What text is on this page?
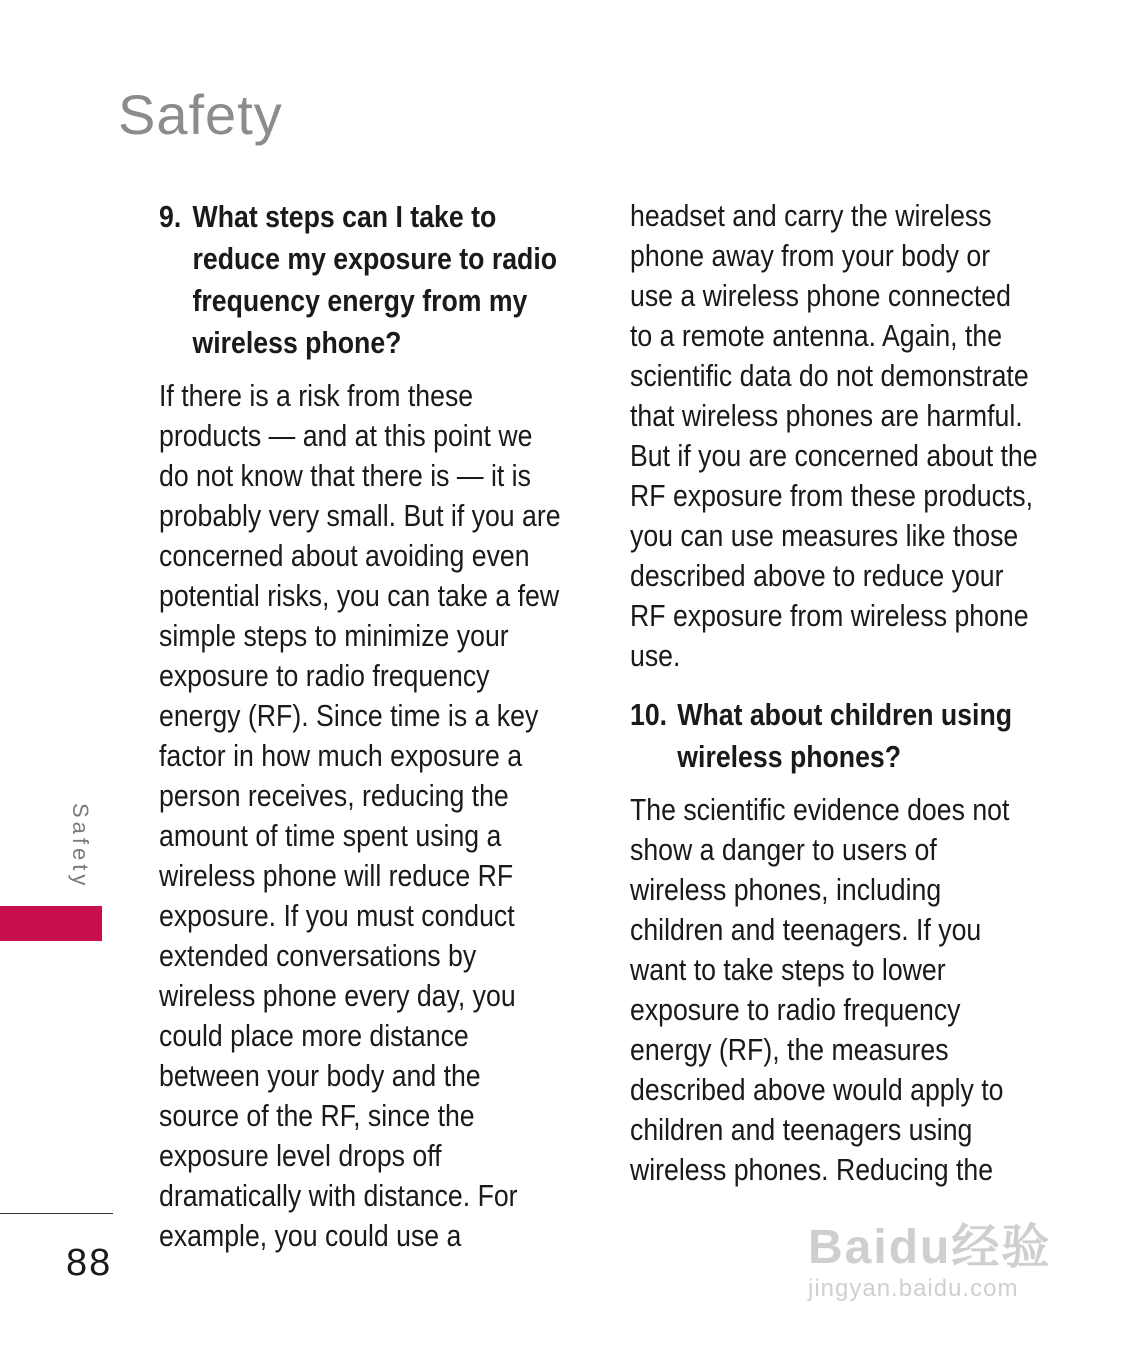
Safety
Safety
88
9. What steps can I take to reduce my exposure to radio frequency energy from my wireless phone?

If there is a risk from these products — and at this point we do not know that there is — it is probably very small. But if you are concerned about avoiding even potential risks, you can take a few simple steps to minimize your exposure to radio frequency energy (RF). Since time is a key factor in how much exposure a person receives, reducing the amount of time spent using a wireless phone will reduce RF exposure. If you must conduct extended conversations by wireless phone every day, you could place more distance between your body and the source of the RF, since the exposure level drops off dramatically with distance. For example, you could use a

headset and carry the wireless phone away from your body or use a wireless phone connected to a remote antenna. Again, the scientific data do not demonstrate that wireless phones are harmful. But if you are concerned about the RF exposure from these products, you can use measures like those described above to reduce your RF exposure from wireless phone use.

10. What about children using wireless phones?

The scientific evidence does not show a danger to users of wireless phones, including children and teenagers. If you want to take steps to lower exposure to radio frequency energy (RF), the measures described above would apply to children and teenagers using wireless phones. Reducing the

Baidu经验
jingyan.baidu.com
